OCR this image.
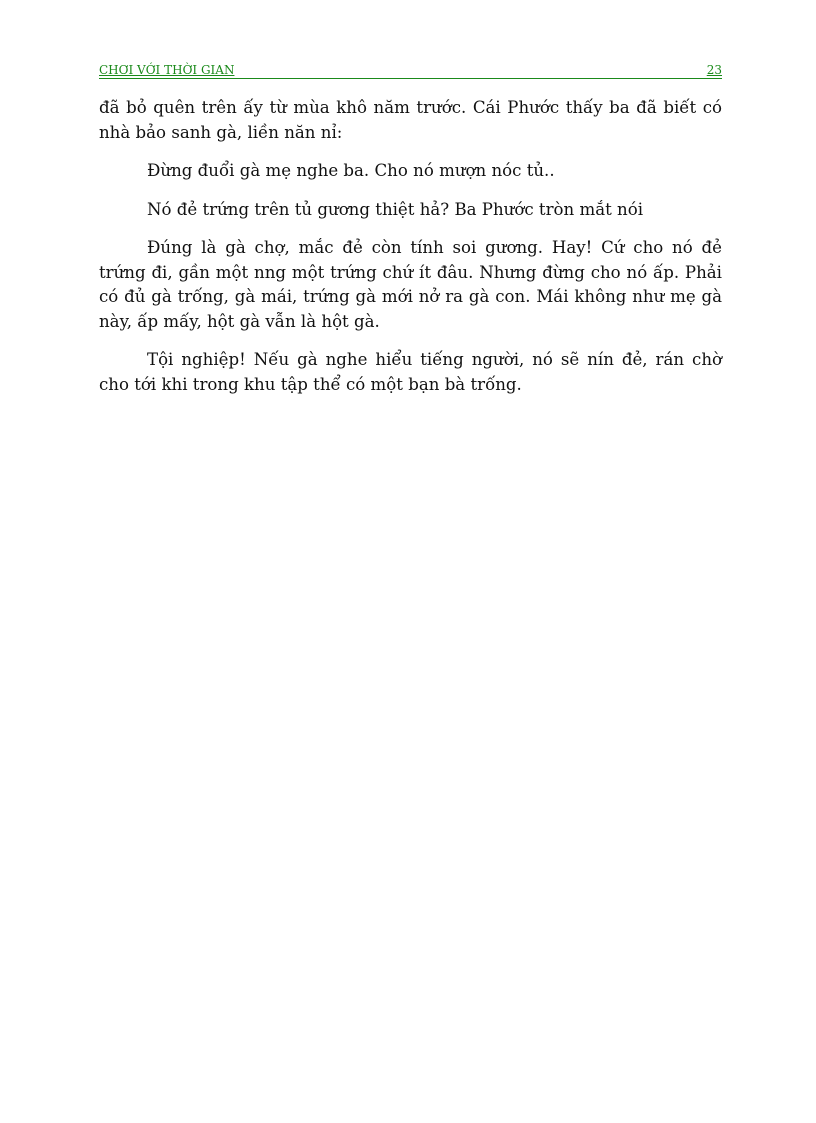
CHƠI VỚI THỜI GIAN	23

đã bỏ quên trên ấy từ mùa khô năm trước. Cái Phước thấy ba đã biết có nhà bảo sanh gà, liền năn nỉ:

Đừng đuổi gà mẹ nghe ba. Cho nó mượn nóc tủ..

Nó đẻ trứng trên tủ gương thiệt hả? Ba Phước tròn mắt nói

Đúng là gà chợ, mắc đẻ còn tính soi gương. Hay! Cứ cho nó đẻ trứng đi, gần một nng một trứng chứ ít đâu. Nhưng đừng cho nó ấp. Phải có đủ gà trống, gà mái, trứng gà mới nở ra gà con. Mái không như mẹ gà này, ấp mấy, hột gà vẫn là hột gà.

Tội nghiệp! Nếu gà nghe hiểu tiếng người, nó sẽ nín đẻ, rán chờ cho tới khi trong khu tập thể có một bạn bà trống.
